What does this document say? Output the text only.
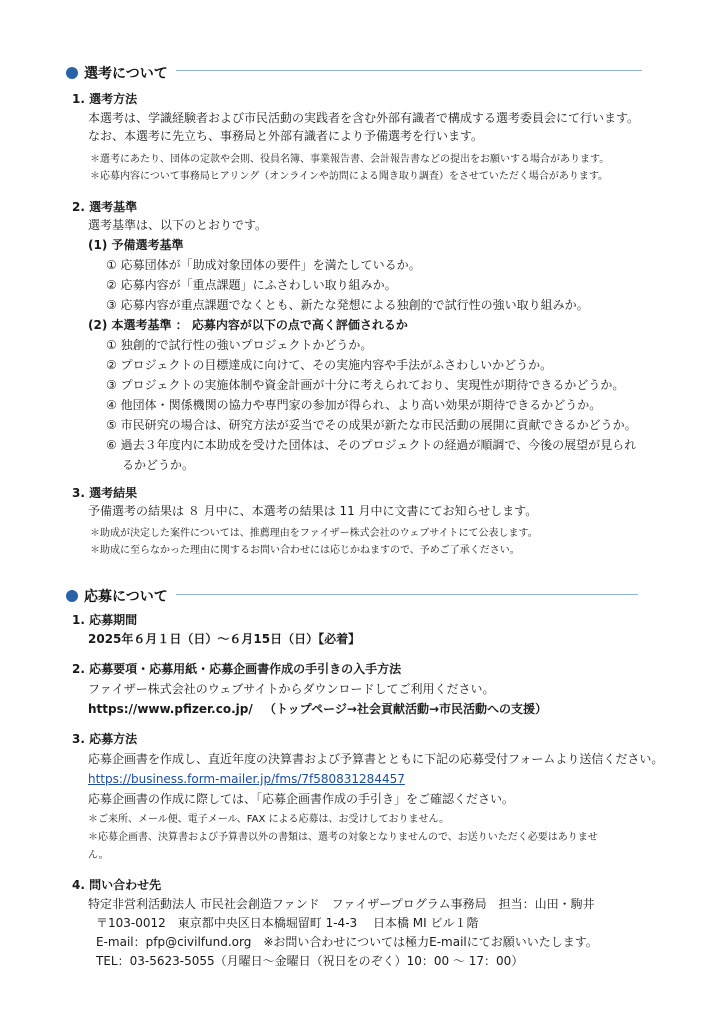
選考について
1. 選考方法
本選考は、学識経験者および市民活動の実践者を含む外部有識者で構成する選考委員会にて行います。
なお、本選考に先立ち、事務局と外部有識者により予備選考を行います。
＊選考にあたり、団体の定款や会則、役員名簿、事業報告書、会計報告書などの提出をお願いする場合があります。
＊応募内容について事務局ヒアリング（オンラインや訪問による聞き取り調査）をさせていただく場合があります。
2. 選考基準
選考基準は、以下のとおりです。
(1) 予備選考基準
① 応募団体が「助成対象団体の要件」を満たしているか。
② 応募内容が「重点課題」にふさわしい取り組みか。
③ 応募内容が重点課題でなくとも、新たな発想による独創的で試行性の強い取り組みか。
(2) 本選考基準 ： 応募内容が以下の点で高く評価されるか
① 独創的で試行性の強いプロジェクトかどうか。
② プロジェクトの目標達成に向けて、その実施内容や手法がふさわしいかどうか。
③ プロジェクトの実施体制や資金計画が十分に考えられており、実現性が期待できるかどうか。
④ 他団体・関係機関の協力や専門家の参加が得られ、より高い効果が期待できるかどうか。
⑤ 市民研究の場合は、研究方法が妥当でその成果が新たな市民活動の展開に貢献できるかどうか。
⑥ 過去３年度内に本助成を受けた団体は、そのプロジェクトの経過が順調で、今後の展望が見られ
るかどうか。
3. 選考結果
予備選考の結果は ８ 月中に、本選考の結果は 11 月中に文書にてお知らせします。
＊助成が決定した案件については、推薦理由をファイザー株式会社のウェブサイトにて公表します。
＊助成に至らなかった理由に関するお問い合わせには応じかねますので、予めご了承ください。
応募について
1. 応募期間
2025年６月１日（日）～６月15日（日）【必着】
2. 応募要項・応募用紙・応募企画書作成の手引きの入手方法
ファイザー株式会社のウェブサイトからダウンロードしてご利用ください。
https://www.pfizer.co.jp/ （トップページ→社会貢献活動→市民活動への支援）
3. 応募方法
応募企画書を作成し、直近年度の決算書および予算書とともに下記の応募受付フォームより送信ください。
https://business.form-mailer.jp/fms/7f580831284457
応募企画書の作成に際しては、「応募企画書作成の手引き」をご確認ください。
＊ご来所、メール便、電子メール、FAX による応募は、お受けしておりません。
＊応募企画書、決算書および予算書以外の書類は、選考の対象となりませんので、お送りいただく必要はありませ
ん。
4. 問い合わせ先
特定非営利活動法人 市民社会創造ファンド　ファイザープログラム事務局　担当：山田・駒井
〒103-0012　東京都中央区日本橋堀留町 1-4-3　 日本橋 MI ビル１階
E-mail：pfp@civilfund.org　※お問い合わせについては極力E-mailにてお願いいたします。
TEL：03-5623-5055（月曜日～金曜日（祝日をのぞく）10：00 ～ 17：00）
